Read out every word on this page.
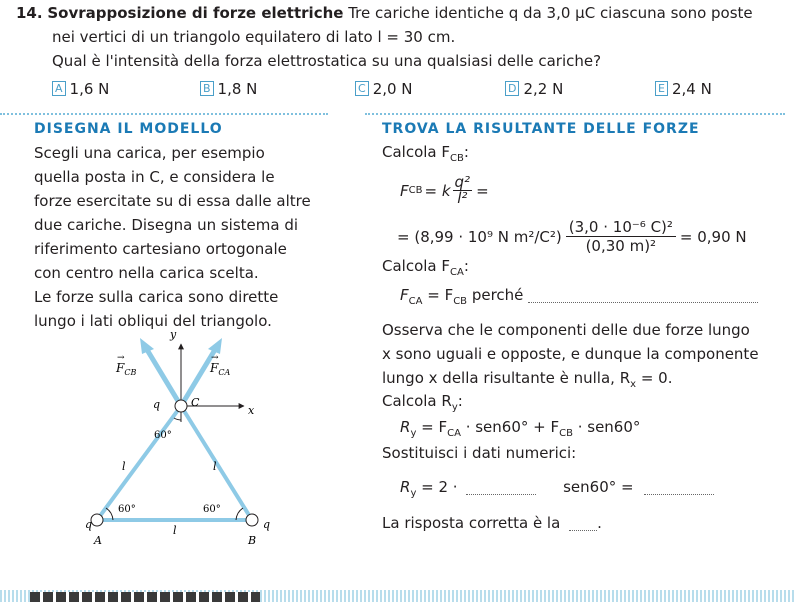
14. Sovrapposizione di forze elettriche Tre cariche identiche q da 3,0 µC ciascuna sono poste
nei vertici di un triangolo equilatero di lato l = 30 cm.
Qual è l'intensità della forza elettrostatica su una qualsiasi delle cariche?
A 1,6 N	B 1,8 N	C 2,0 N	D 2,2 N	E 2,4 N
DISEGNA IL MODELLO
Scegli una carica, per esempio
quella posta in C, e considera le
forze esercitate su di essa dalle altre
due cariche. Disegna un sistema di
riferimento cartesiano ortogonale
con centro nella carica scelta.
Le forze sulla carica sono dirette
lungo i lati obliqui del triangolo.
y
x
$F_{CB}$
→
$F_{CA}$
→
q	C
q
A
q
B
l	l
l
60°
60°	60°
TROVA LA RISULTANTE DELLE FORZE
Calcola $F_{CB}$:
F CB = k $\frac{\text{q²}}{\text{l²}}$ =
= (8,99 · 10⁹ N $m^2/C^2) \frac{\text{(3,0 · 10⁻⁶ C)²}}{\text{(0,30 m)²}} = 0,90$ N
Calcola $F_{CA}$:
$F_{CA} = F_{CB}$ perché
Osserva che le componenti delle due forze lungo
x sono uguali e opposte, e dunque la componente
lungo x della risultante è nulla, $R_x = 0$.
Calcola $R_y$:
$R_y = F_{CA} \cdot sen60^\circ + F_{CB} \cdot sen60^\circ$
Sostituisci i dati numerici:
$R_y = 2$ ·	sen60° =
La risposta corretta è la .
